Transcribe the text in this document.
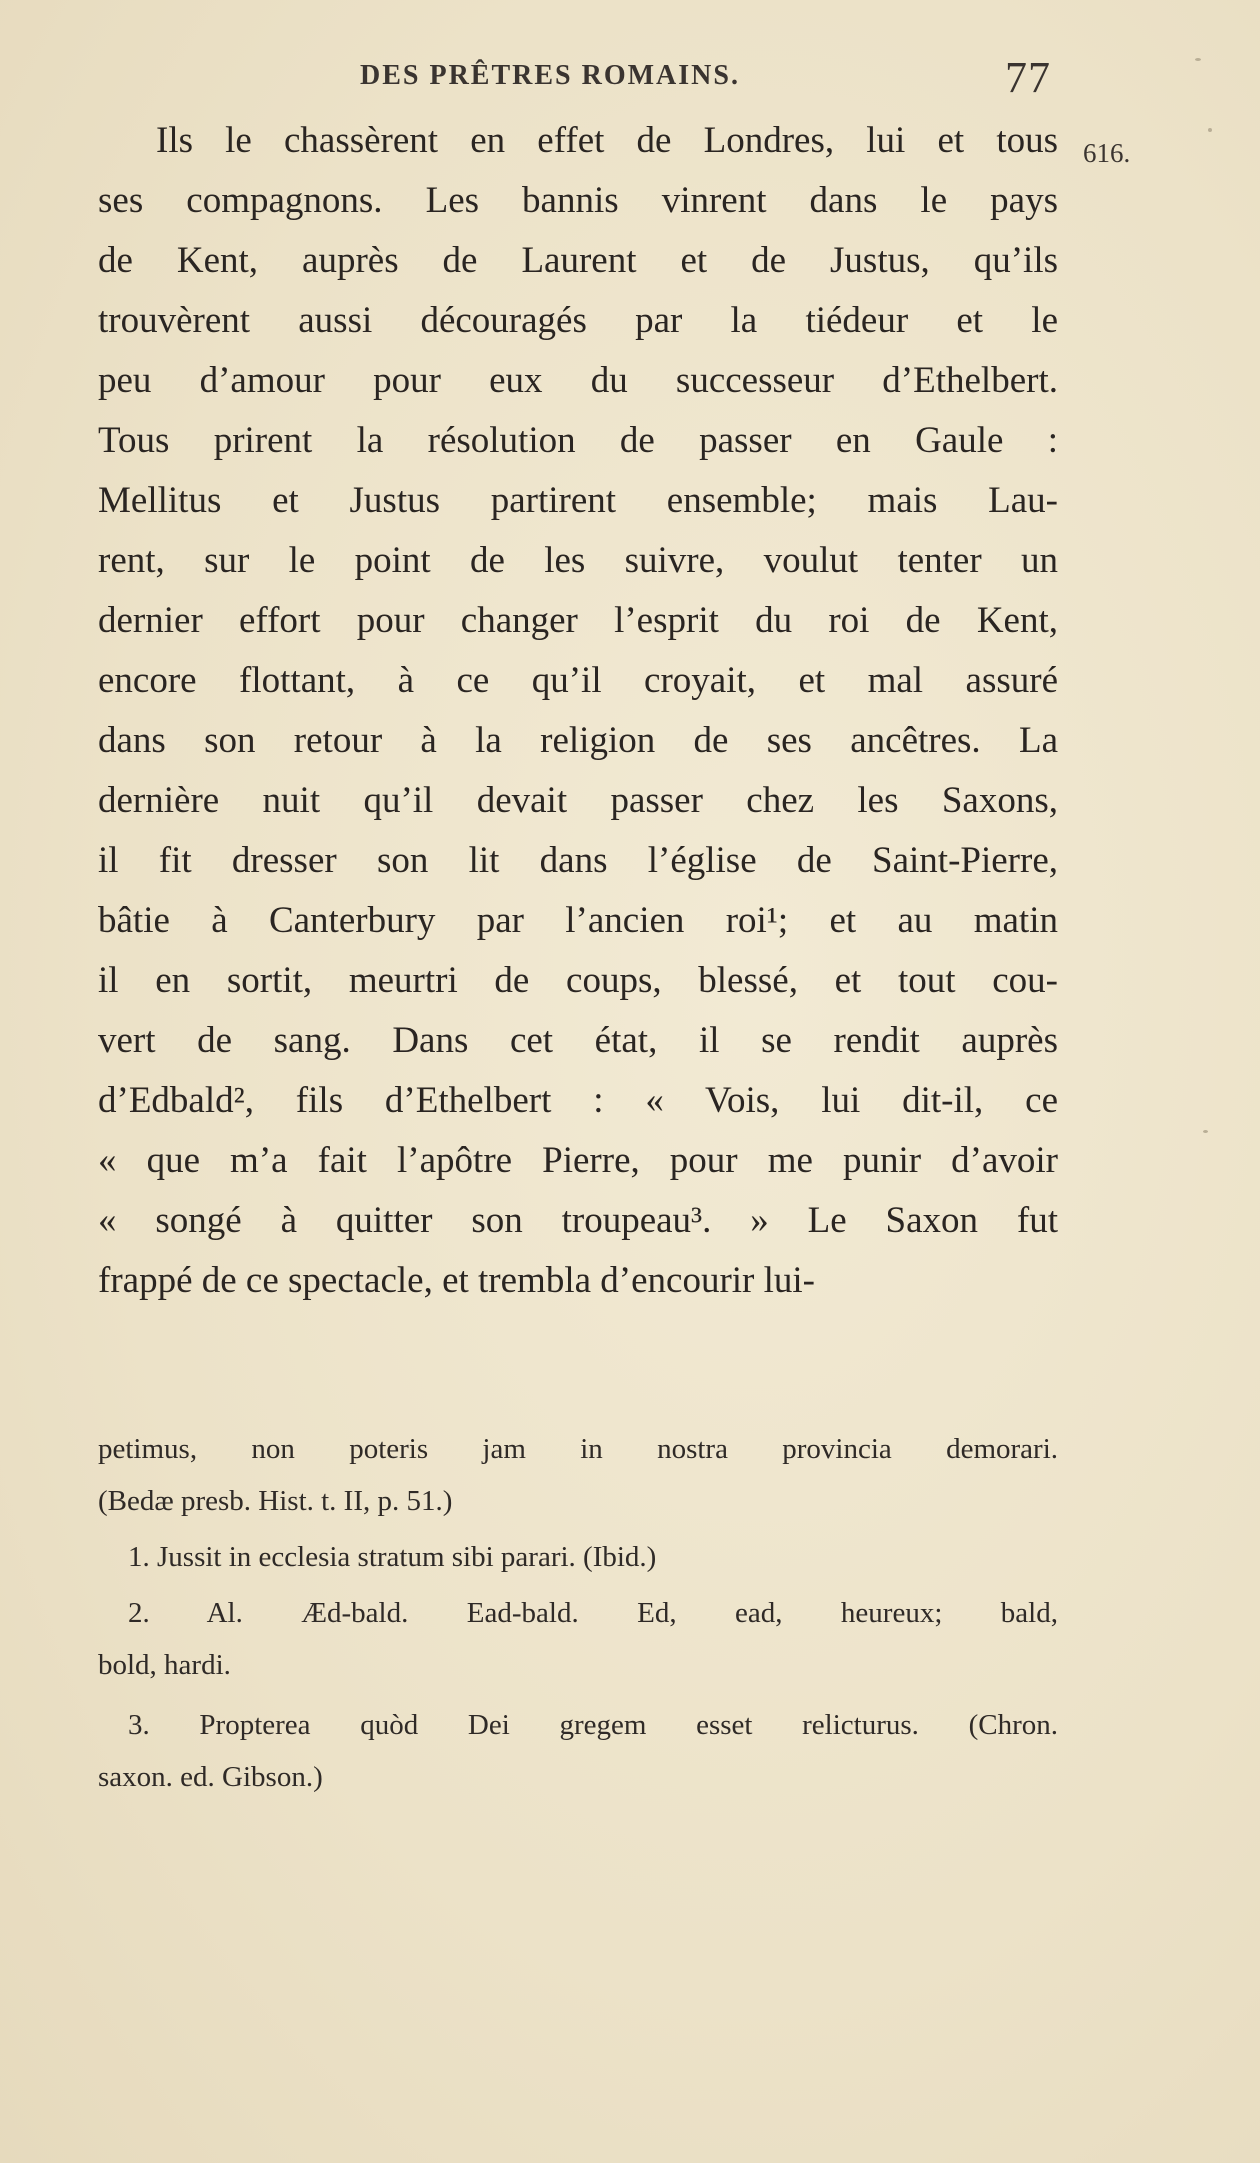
DES PRÊTRES ROMAINS.	77
616.
Ils le chassèrent en effet de Londres, lui et tous
ses compagnons. Les bannis vinrent dans le pays
de Kent, auprès de Laurent et de Justus, qu’ils
trouvèrent aussi découragés par la tiédeur et le
peu d’amour pour eux du successeur d’Ethelbert.
Tous prirent la résolution de passer en Gaule :
Mellitus et Justus partirent ensemble; mais Lau-
rent, sur le point de les suivre, voulut tenter un
dernier effort pour changer l’esprit du roi de Kent,
encore flottant, à ce qu’il croyait, et mal assuré
dans son retour à la religion de ses ancêtres. La
dernière nuit qu’il devait passer chez les Saxons,
il fit dresser son lit dans l’église de Saint-Pierre,
bâtie à Canterbury par l’ancien roi¹; et au matin
il en sortit, meurtri de coups, blessé, et tout cou-
vert de sang. Dans cet état, il se rendit auprès
d’Edbald², fils d’Ethelbert : « Vois, lui dit-il, ce
« que m’a fait l’apôtre Pierre, pour me punir d’avoir
« songé à quitter son troupeau³. » Le Saxon fut
frappé de ce spectacle, et trembla d’encourir lui-
petimus, non poteris jam in nostra provincia demorari.
(Bedæ presb. Hist. t. II, p. 51.)
1. Jussit in ecclesia stratum sibi parari. (Ibid.)
2. Al. Æd-bald. Ead-bald. Ed, ead, heureux; bald,
bold, hardi.
3. Propterea quòd Dei gregem esset relicturus. (Chron.
saxon. ed. Gibson.)
